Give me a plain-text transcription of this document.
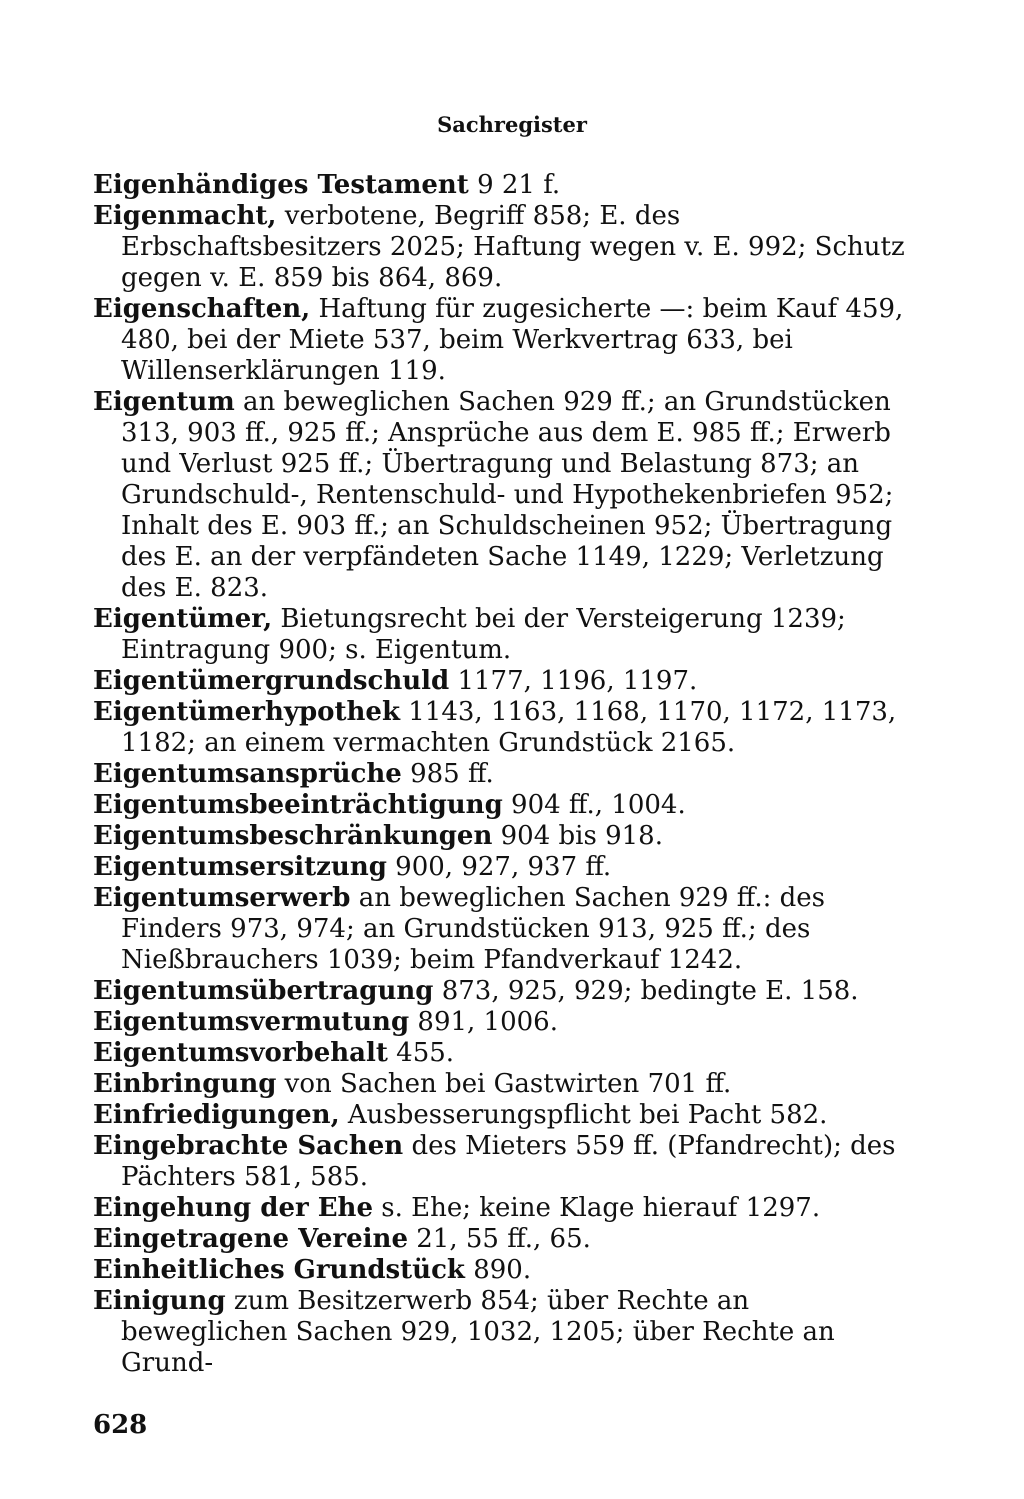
Sachregister
Eigenhändiges Testament 9 21 f.
Eigenmacht, verbotene, Begriff 858; E. des Erbschaftsbesitzers 2025; Haftung wegen v. E. 992; Schutz gegen v. E. 859 bis 864, 869.
Eigenschaften, Haftung für zugesicherte —: beim Kauf 459, 480, bei der Miete 537, beim Werkvertrag 633, bei Willenserklärungen 119.
Eigentum an beweglichen Sachen 929 ff.; an Grundstücken 313, 903 ff., 925 ff.; Ansprüche aus dem E. 985 ff.; Erwerb und Verlust 925 ff.; Übertragung und Belastung 873; an Grundschuld-, Rentenschuld- und Hypothekenbriefen 952; Inhalt des E. 903 ff.; an Schuldscheinen 952; Übertragung des E. an der verpfändeten Sache 1149, 1229; Verletzung des E. 823.
Eigentümer, Bietungsrecht bei der Versteigerung 1239; Eintragung 900; s. Eigentum.
Eigentümergrundschuld 1177, 1196, 1197.
Eigentümerhypothek 1143, 1163, 1168, 1170, 1172, 1173, 1182; an einem vermachten Grundstück 2165.
Eigentumsansprüche 985 ff.
Eigentumsbeeinträchtigung 904 ff., 1004.
Eigentumsbeschränkungen 904 bis 918.
Eigentumsersitzung 900, 927, 937 ff.
Eigentumserwerb an beweglichen Sachen 929 ff.: des Finders 973, 974; an Grundstücken 913, 925 ff.; des Nießbrauchers 1039; beim Pfandverkauf 1242.
Eigentumsübertragung 873, 925, 929; bedingte E. 158.
Eigentumsvermutung 891, 1006.
Eigentumsvorbehalt 455.
Einbringung von Sachen bei Gastwirten 701 ff.
Einfriedigungen, Ausbesserungspflicht bei Pacht 582.
Eingebrachte Sachen des Mieters 559 ff. (Pfandrecht); des Pächters 581, 585.
Eingehung der Ehe s. Ehe; keine Klage hierauf 1297.
Eingetragene Vereine 21, 55 ff., 65.
Einheitliches Grundstück 890.
Einigung zum Besitzerwerb 854; über Rechte an beweglichen Sachen 929, 1032, 1205; über Rechte an Grund-
628
